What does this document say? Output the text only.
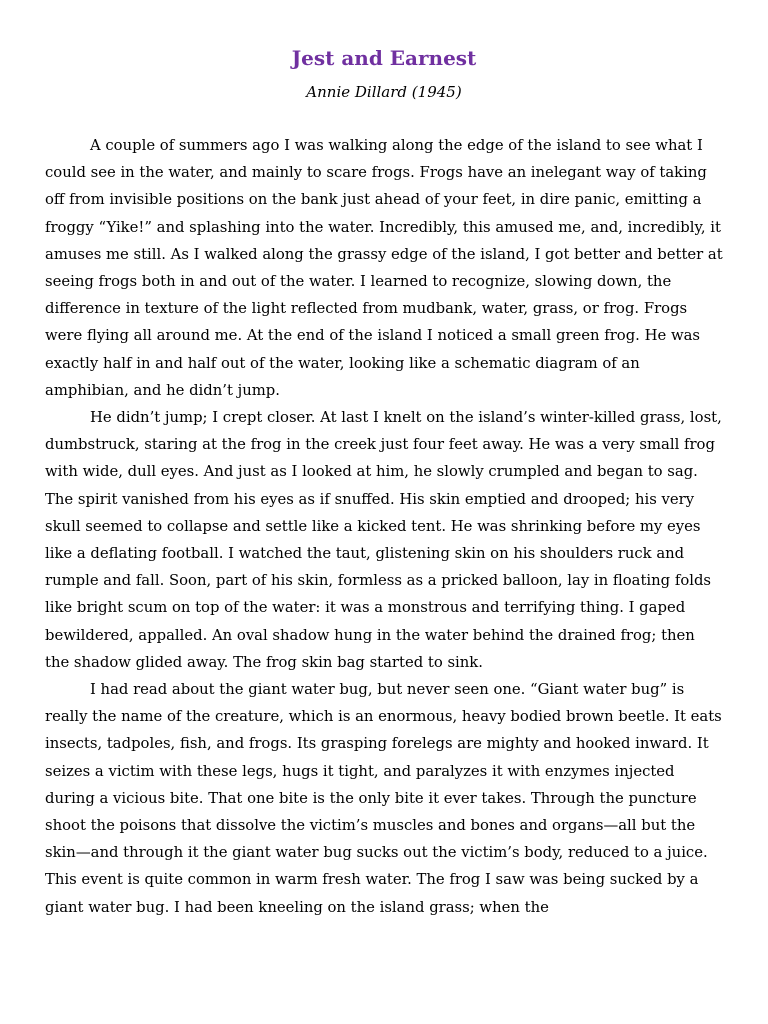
Jest and Earnest
Annie Dillard (1945)

A couple of summers ago I was walking along the edge of the island to see what I could see in the water, and mainly to scare frogs. Frogs have an inelegant way of taking off from invisible positions on the bank just ahead of your feet, in dire panic, emitting a froggy “Yike!” and splashing into the water. Incredibly, this amused me, and, incredibly, it amuses me still. As I walked along the grassy edge of the island, I got better and better at seeing frogs both in and out of the water. I learned to recognize, slowing down, the difference in texture of the light reflected from mudbank, water, grass, or frog. Frogs were flying all around me. At the end of the island I noticed a small green frog. He was exactly half in and half out of the water, looking like a schematic diagram of an amphibian, and he didn’t jump.

He didn’t jump; I crept closer. At last I knelt on the island’s winter-killed grass, lost, dumbstruck, staring at the frog in the creek just four feet away. He was a very small frog with wide, dull eyes. And just as I looked at him, he slowly crumpled and began to sag. The spirit vanished from his eyes as if snuffed. His skin emptied and drooped; his very skull seemed to collapse and settle like a kicked tent. He was shrinking before my eyes like a deflating football. I watched the taut, glistening skin on his shoulders ruck and rumple and fall. Soon, part of his skin, formless as a pricked balloon, lay in floating folds like bright scum on top of the water: it was a monstrous and terrifying thing. I gaped bewildered, appalled. An oval shadow hung in the water behind the drained frog; then the shadow glided away. The frog skin bag started to sink.

I had read about the giant water bug, but never seen one. “Giant water bug” is really the name of the creature, which is an enormous, heavy bodied brown beetle. It eats insects, tadpoles, fish, and frogs. Its grasping forelegs are mighty and hooked inward. It seizes a victim with these legs, hugs it tight, and paralyzes it with enzymes injected during a vicious bite. That one bite is the only bite it ever takes. Through the puncture shoot the poisons that dissolve the victim’s muscles and bones and organs—all but the skin—and through it the giant water bug sucks out the victim’s body, reduced to a juice. This event is quite common in warm fresh water. The frog I saw was being sucked by a giant water bug. I had been kneeling on the island grass; when the
